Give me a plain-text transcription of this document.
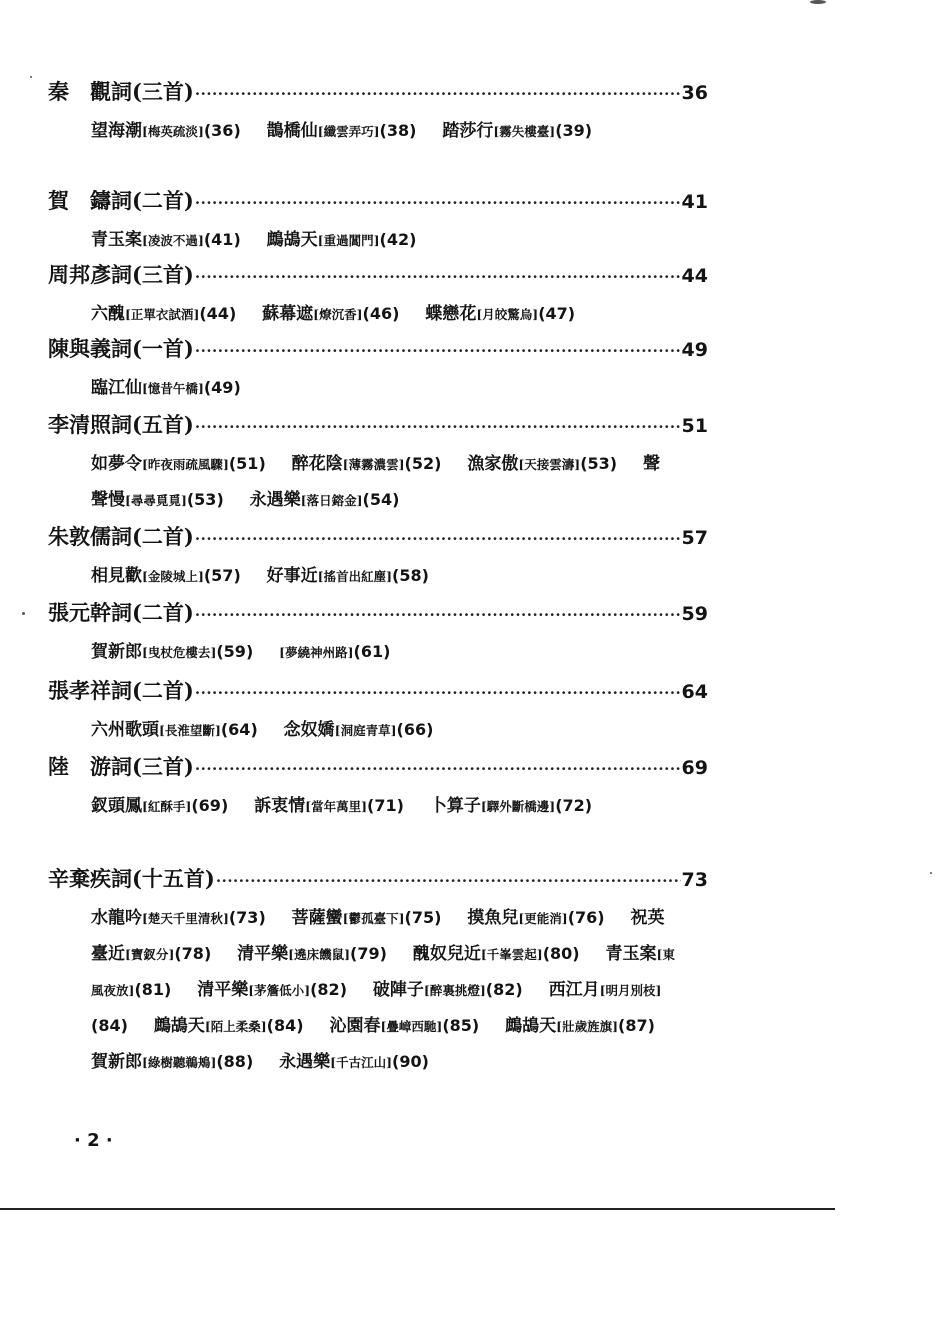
秦　觀 詞(三首) ·····	36
望海潮[梅英疏淡](36) 鵲橋仙[纖雲弄巧](38) 踏莎行[霧失樓臺](39)
賀　鑄 詞(二首) ·····	41
青玉案[凌波不過](41) 鷓鴣天[重過閶門](42)
周邦彥 詞(三首) ·····	44
六醜[正單衣試酒](44) 蘇幕遮[燎沉香](46) 蝶戀花[月皎驚烏](47)
陳與義 詞(一首) ·····	49
臨江仙[憶昔午橋](49)
李清照 詞(五首) ·····	51
如夢令[昨夜雨疏風驟](51) 醉花陰[薄霧濃雲](52) 漁家傲[天接雲濤](53) 聲聲慢[尋尋覓覓](53) 永遇樂[落日鎔金](54)
朱敦儒 詞(二首) ·····	57
相見歡[金陵城上](57) 好事近[搖首出紅塵](58)
張元幹 詞(二首) ·····	59
賀新郎[曳杖危樓去](59) [夢繞神州路](61)
張孝祥 詞(二首) ·····	64
六州歌頭[長淮望斷](64) 念奴嬌[洞庭青草](66)
陸　游 詞(三首) ·····	69
釵頭鳳[紅酥手](69) 訴衷情[當年萬里](71) 卜算子[驛外斷橋邊](72)
辛棄疾 詞(十五首) ·····	73
水龍吟[楚天千里清秋](73) 菩薩蠻[鬱孤臺下](75) 摸魚兒[更能消](76) 祝英臺近[寶釵分](78) 清平樂[遶床饑鼠](79) 醜奴兒近[千峯雲起](80) 青玉案[東風夜放](81) 清平樂[茅簷低小](82) 破陣子[醉裏挑燈](82) 西江月[明月別枝](84) 鷓鴣天[陌上柔桑](84) 沁園春[疊嶂西馳](85) 鷓鴣天[壯歲旌旗](87) 賀新郎[綠樹聽鵜鴂](88) 永遇樂[千古江山](90)
· 2 ·
